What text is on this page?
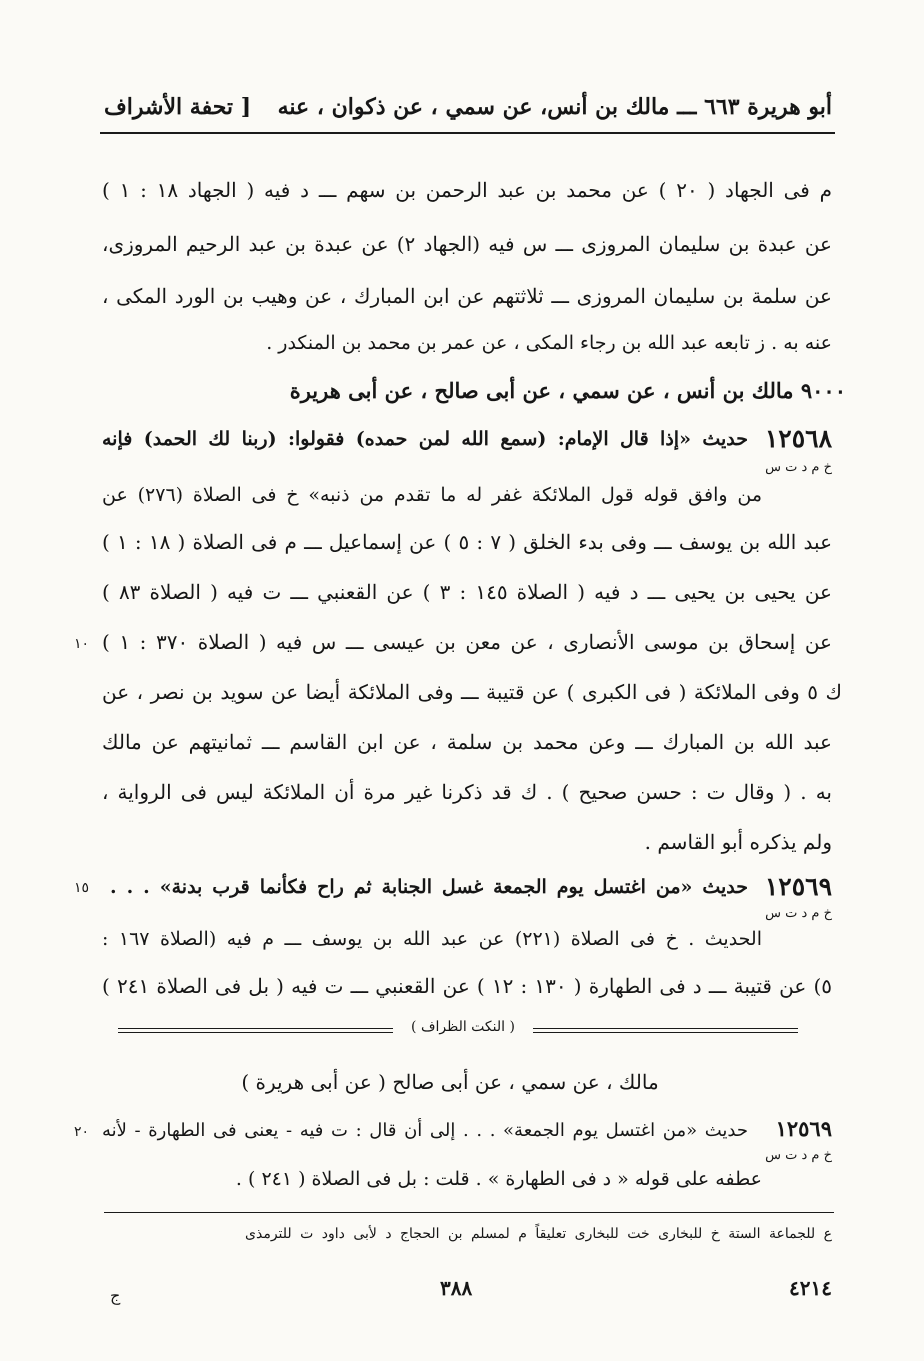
أبو هريرة ٦٦٣ ـــ مالك بن أنس، عن سمي ، عن ذكوان ، عنه
[ تحفة الأشراف
م فى الجهاد ( ٢٠ ) عن محمد بن عبد الرحمن بن سهم ـــ د فيه ( الجهاد ١٨ : ١ )
عن عبدة بن سليمان المروزى ـــ س فيه (الجهاد ٢) عن عبدة بن عبد الرحيم المروزى،
عن سلمة بن سليمان المروزى ـــ ثلاثتهم عن ابن المبارك ، عن وهيب بن الورد المكى ،
عنه به . ز تابعه عبد الله بن رجاء المكى ، عن عمر بن محمد بن المنكدر .
٩٠٠٠ مالك بن أنس ، عن سمي ، عن أبى صالح ، عن أبى هريرة
١٢٥٦٨
حديث «إذا قال الإمام: (سمع الله لمن حمده) فقولوا: (ربنا لك الحمد) فإنه
خ م د ت س
من وافق قوله قول الملائكة غفر له ما تقدم من ذنبه» خ فى الصلاة (٢٧٦) عن
عبد الله بن يوسف ـــ وفى بدء الخلق ( ٧ : ٥ ) عن إسماعيل ـــ م فى الصلاة ( ١٨ : ١ )
عن يحيى بن يحيى ـــ د فيه ( الصلاة ١٤٥ : ٣ ) عن القعنبي ـــ ت فيه ( الصلاة ٨٣ )
عن إسحاق بن موسى الأنصارى ، عن معن بن عيسى ـــ س فيه ( الصلاة ٣٧٠ : ١ )
١٠
ك ٥ وفى الملائكة ( فى الكبرى ) عن قتيبة ـــ وفى الملائكة أيضا عن سويد بن نصر ، عن
عبد الله بن المبارك ـــ وعن محمد بن سلمة ، عن ابن القاسم ـــ ثمانيتهم عن مالك
به . ( وقال ت : حسن صحيح ) . ك قد ذكرنا غير مرة أن الملائكة ليس فى الرواية ،
ولم يذكره أبو القاسم .
١٢٥٦٩
حديث «من اغتسل يوم الجمعة غسل الجنابة ثم راح فكأنما قرب بدنة» . . .
١٥
خ م د ت س
الحديث . خ فى الصلاة (٢٢١) عن عبد الله بن يوسف ـــ م فيه (الصلاة ١٦٧ :
٥) عن قتيبة ـــ د فى الطهارة ( ١٣٠ : ١٢ ) عن القعنبي ـــ ت فيه ( بل فى الصلاة ٢٤١ )
( النكت الظراف )
مالك ، عن سمي ، عن أبى صالح ( عن أبى هريرة )
١٢٥٦٩
حديث «من اغتسل يوم الجمعة» . . . إلى أن قال : ت فيه - يعنى فى الطهارة - لأنه
٢٠
خ م د ت س
عطفه على قوله « د فى الطهارة » . قلت : بل فى الصلاة ( ٢٤١ ) .
ع للجماعة الستة خ للبخارى خت للبخارى تعليقاً م لمسلم بن الحجاج د لأبى داود ت للترمذى
ج	٣٨٨	٤٢١٤
